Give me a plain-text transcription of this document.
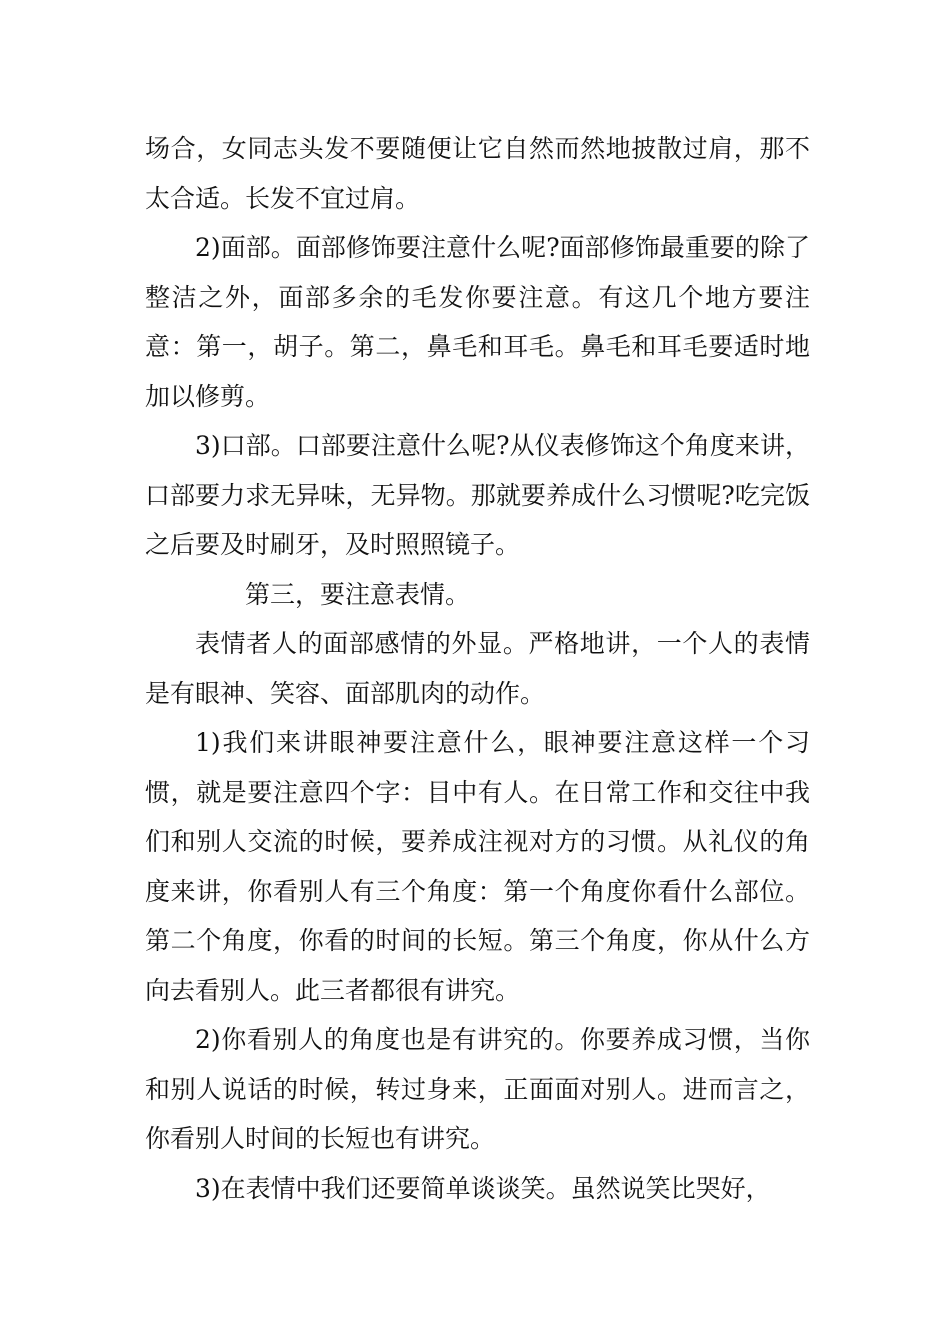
场合，女同志头发不要随便让它自然而然地披散过肩，那不太合适。长发不宜过肩。

2)面部。面部修饰要注意什么呢?面部修饰最重要的除了整洁之外，面部多余的毛发你要注意。有这几个地方要注意：第一，胡子。第二，鼻毛和耳毛。鼻毛和耳毛要适时地加以修剪。

3)口部。口部要注意什么呢?从仪表修饰这个角度来讲，口部要力求无异味，无异物。那就要养成什么习惯呢?吃完饭之后要及时刷牙，及时照照镜子。

第三，要注意表情。

表情者人的面部感情的外显。严格地讲，一个人的表情是有眼神、笑容、面部肌肉的动作。

1)我们来讲眼神要注意什么，眼神要注意这样一个习惯，就是要注意四个字：目中有人。在日常工作和交往中我们和别人交流的时候，要养成注视对方的习惯。从礼仪的角度来讲，你看别人有三个角度：第一个角度你看什么部位。第二个角度，你看的时间的长短。第三个角度，你从什么方向去看别人。此三者都很有讲究。

2)你看别人的角度也是有讲究的。你要养成习惯，当你和别人说话的时候，转过身来，正面面对别人。进而言之，你看别人时间的长短也有讲究。

3)在表情中我们还要简单谈谈笑。虽然说笑比哭好，
